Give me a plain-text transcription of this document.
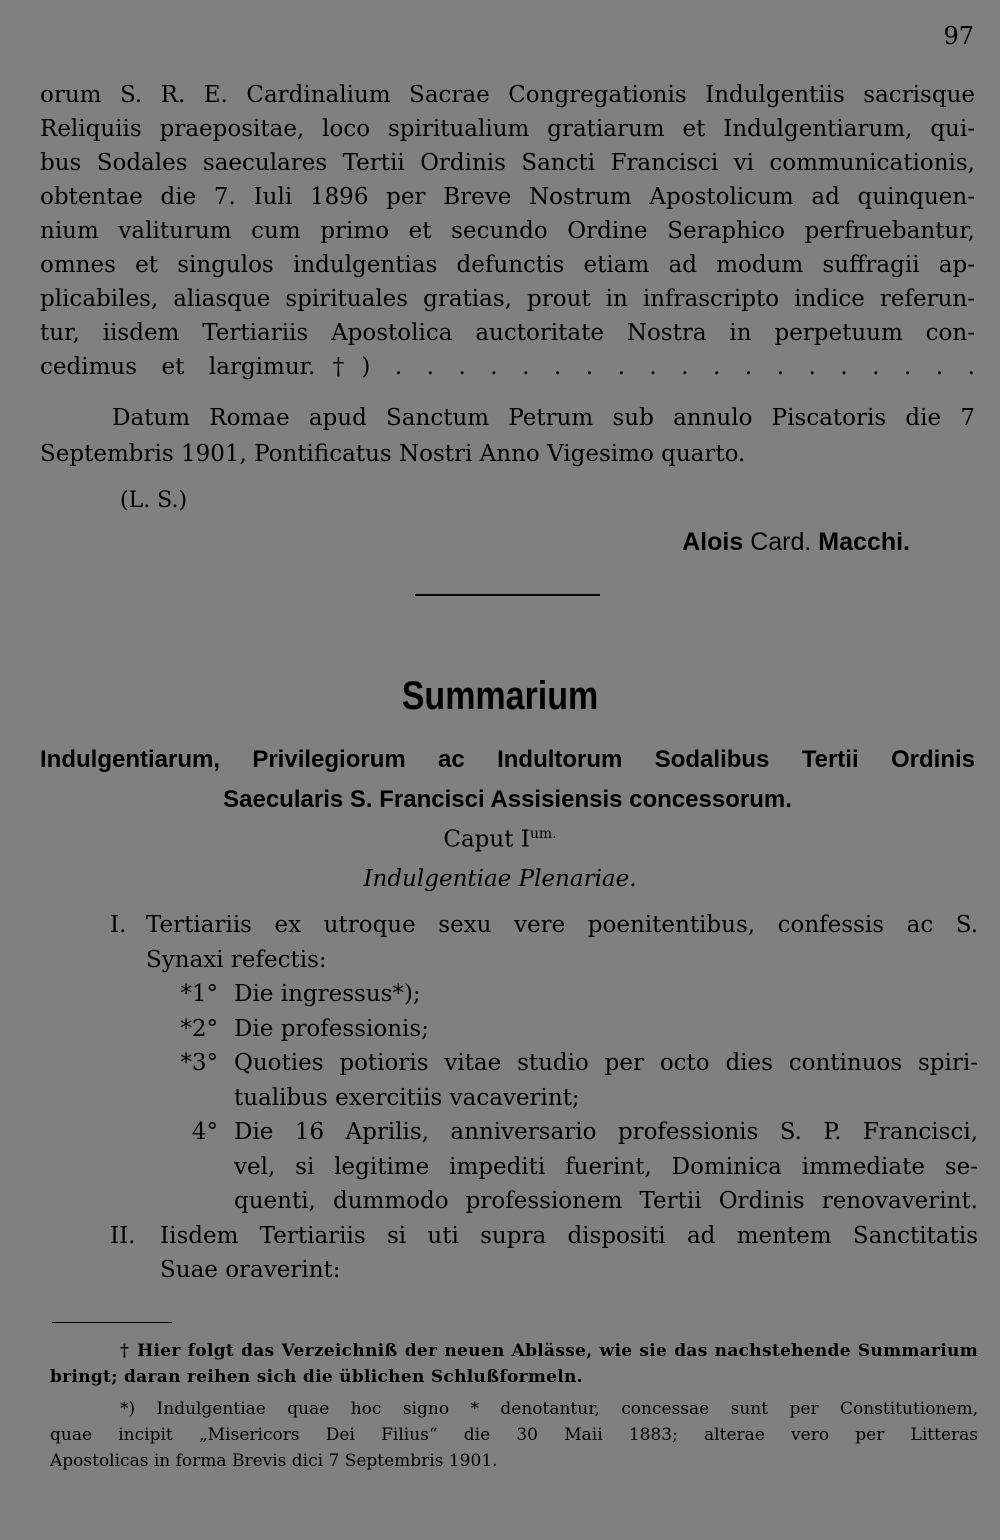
97
orum S. R. E. Cardinalium Sacrae Congregationis Indulgentiis sacrisque
Reliquiis praepositae, loco spiritualium gratiarum et Indulgentiarum, qui-
bus Sodales saeculares Tertii Ordinis Sancti Francisci vi communicationis,
obtentae die 7. Iuli 1896 per Breve Nostrum Apostolicum ad quinquen-
nium valiturum cum primo et secundo Ordine Seraphico perfruebantur,
omnes et singulos indulgentias defunctis etiam ad modum suffragii ap-
plicabiles, aliasque spirituales gratias, prout in infrascripto indice referun-
tur, iisdem Tertiariis Apostolica auctoritate Nostra in perpetuum con-
cedimus et largimur.†) . . . . . . . . . . . . . . . . . . .
Datum Romae apud Sanctum Petrum sub annulo Piscatoris die 7
Septembris 1901, Pontificatus Nostri Anno Vigesimo quarto.
(L. S.)
Alois Card. Macchi.
Summarium
Indulgentiarum, Privilegiorum ac Indultorum Sodalibus Tertii Ordinis
Saecularis S. Francisci Assisiensis concessorum.
Caput $I^{um.}$
Indulgentiae Plenariae.
I. Tertiariis ex utroque sexu vere poenitentibus, confessis ac S.
Synaxi refectis:
*1° Die ingressus*);
*2° Die professionis;
*3° Quoties potioris vitae studio per octo dies continuos spiri-
tualibus exercitiis vacaverint;
4° Die 16 Aprilis, anniversario professionis S. P. Francisci,
vel, si legitime impediti fuerint, Dominica immediate se-
quenti, dummodo professionem Tertii Ordinis renovaverint.
II. Iisdem Tertiariis si uti supra dispositi ad mentem Sanctitatis
Suae oraverint:
† Hier folgt das Verzeichniß der neuen Ablässe, wie sie das nachstehende Summarium
bringt; daran reihen sich die üblichen Schlußformeln.
*) Indulgentiae quae hoc signo * denotantur, concessae sunt per Constitutionem,
quae incipit „Misericors Dei Filius“ die 30 Maii 1883; alterae vero per Litteras
Apostolicas in forma Brevis dici 7 Septembris 1901.
